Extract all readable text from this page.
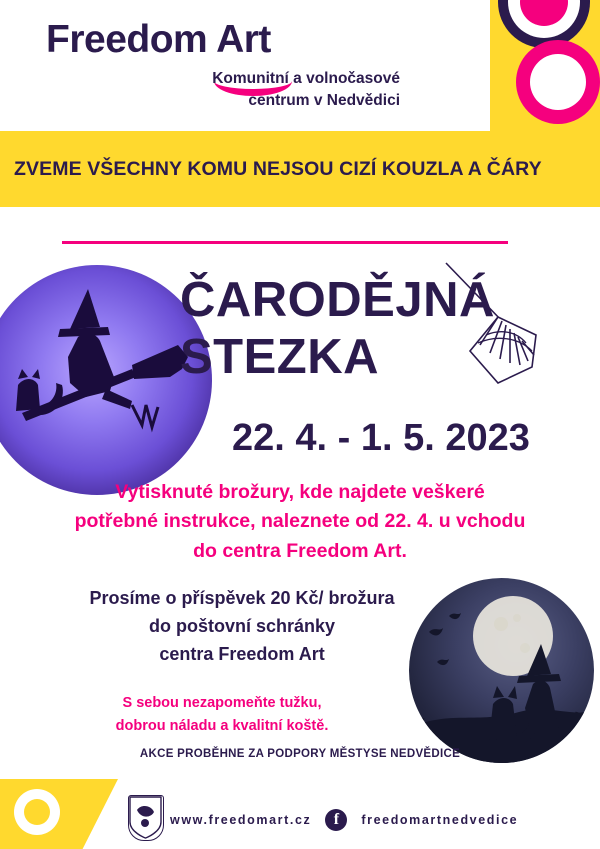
Freedom Art
Komunitní a volnočasové
centrum v Nedvědici
ZVEME VŠECHNY KOMU NEJSOU CIZÍ KOUZLA A ČÁRY
ČARODĚJNÁ
STEZKA
22. 4. - 1. 5. 2023
Vytisknuté brožury, kde najdete veškeré
potřebné instrukce, naleznete od 22. 4. u vchodu
do centra Freedom Art.
Prosíme o příspěvek 20 Kč/ brožura
do poštovní schránky
centra Freedom Art
S sebou nezapomeňte tužku,
dobrou náladu a kvalitní koště.
AKCE PROBĚHNE ZA PODPORY MĚSTYSE NEDVĚDICE
www.freedomart.cz	f	freedomartnedvedice
